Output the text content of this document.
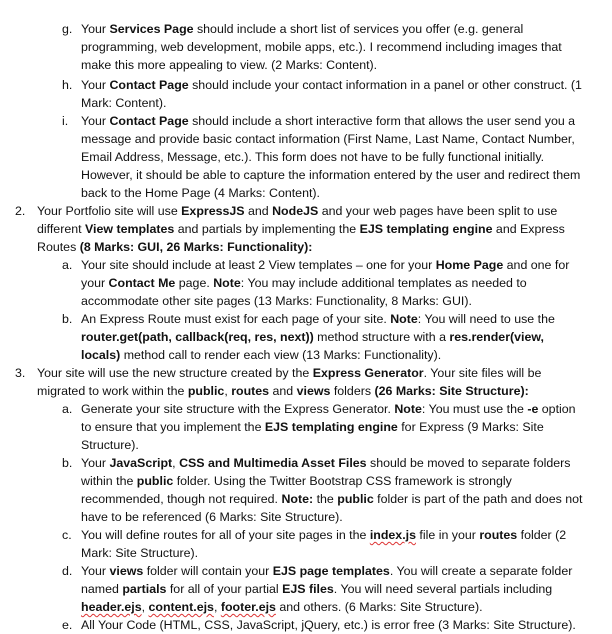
g. Your Services Page should include a short list of services you offer (e.g. general programming, web development, mobile apps, etc.). I recommend including images that make this more appealing to view. (2 Marks: Content).
h. Your Contact Page should include your contact information in a panel or other construct. (1 Mark: Content).
i. Your Contact Page should include a short interactive form that allows the user send you a message and provide basic contact information (First Name, Last Name, Contact Number, Email Address, Message, etc.). This form does not have to be fully functional initially. However, it should be able to capture the information entered by the user and redirect them back to the Home Page (4 Marks: Content).
2. Your Portfolio site will use ExpressJS and NodeJS and your web pages have been split to use different View templates and partials by implementing the EJS templating engine and Express Routes (8 Marks: GUI, 26 Marks: Functionality):
a. Your site should include at least 2 View templates – one for your Home Page and one for your Contact Me page. Note: You may include additional templates as needed to accommodate other site pages (13 Marks: Functionality, 8 Marks: GUI).
b. An Express Route must exist for each page of your site. Note: You will need to use the router.get(path, callback(req, res, next)) method structure with a res.render(view, locals) method call to render each view (13 Marks: Functionality).
3. Your site will use the new structure created by the Express Generator. Your site files will be migrated to work within the public, routes and views folders (26 Marks: Site Structure):
a. Generate your site structure with the Express Generator. Note: You must use the -e option to ensure that you implement the EJS templating engine for Express (9 Marks: Site Structure).
b. Your JavaScript, CSS and Multimedia Asset Files should be moved to separate folders within the public folder. Using the Twitter Bootstrap CSS framework is strongly recommended, though not required. Note: the public folder is part of the path and does not have to be referenced (6 Marks: Site Structure).
c. You will define routes for all of your site pages in the index.js file in your routes folder (2 Mark: Site Structure).
d. Your views folder will contain your EJS page templates. You will create a separate folder named partials for all of your partial EJS files. You will need several partials including header.ejs, content.ejs, footer.ejs and others. (6 Marks: Site Structure).
e. All Your Code (HTML, CSS, JavaScript, jQuery, etc.) is error free (3 Marks: Site Structure).
